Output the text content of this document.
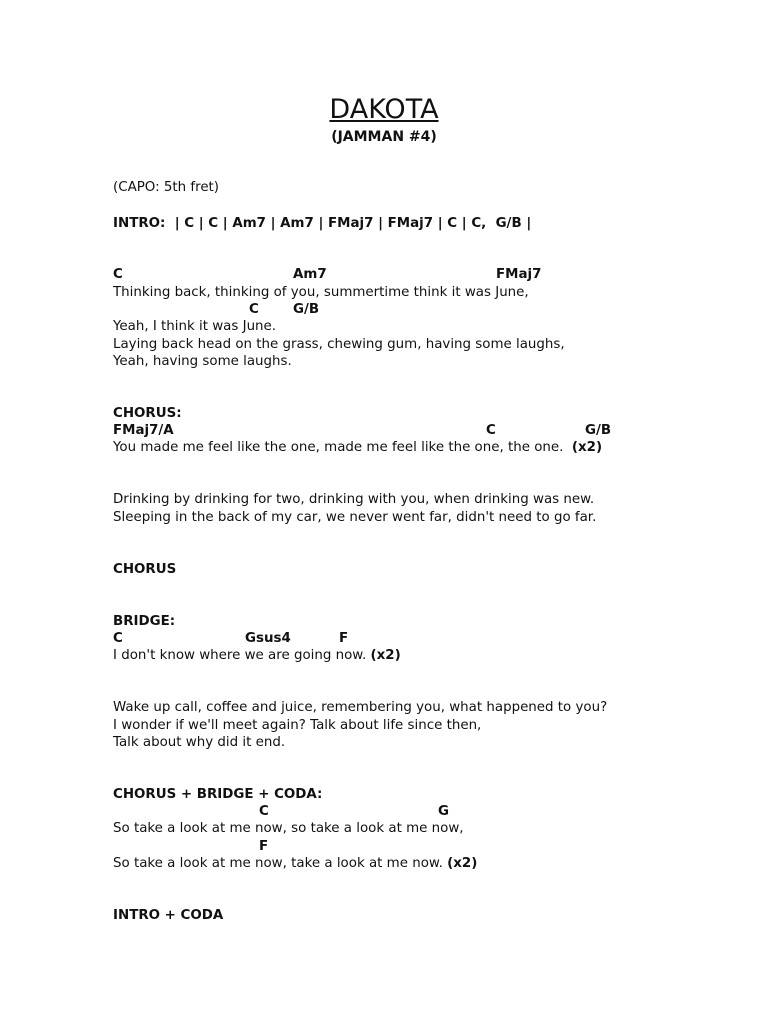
DAKOTA
(JAMMAN #4)
(CAPO: 5th fret)
INTRO:  | C | C | Am7 | Am7 | FMaj7 | FMaj7 | C | C,  G/B |
C	Am7	FMaj7
Thinking back, thinking of you, summertime think it was June,
C	G/B
Yeah, I think it was June.
Laying back head on the grass, chewing gum, having some laughs,
Yeah, having some laughs.
CHORUS:
FMaj7/A	C	G/B
You made me feel like the one, made me feel like the one, the one. (x2)
Drinking by drinking for two, drinking with you, when drinking was new.
Sleeping in the back of my car, we never went far, didn't need to go far.
CHORUS
BRIDGE:
C	Gsus4	F
I don't know where we are going now. (x2)
Wake up call, coffee and juice, remembering you, what happened to you?
I wonder if we'll meet again? Talk about life since then,
Talk about why did it end.
CHORUS + BRIDGE + CODA:
C	G
So take a look at me now, so take a look at me now,
F
So take a look at me now, take a look at me now. (x2)
INTRO + CODA
